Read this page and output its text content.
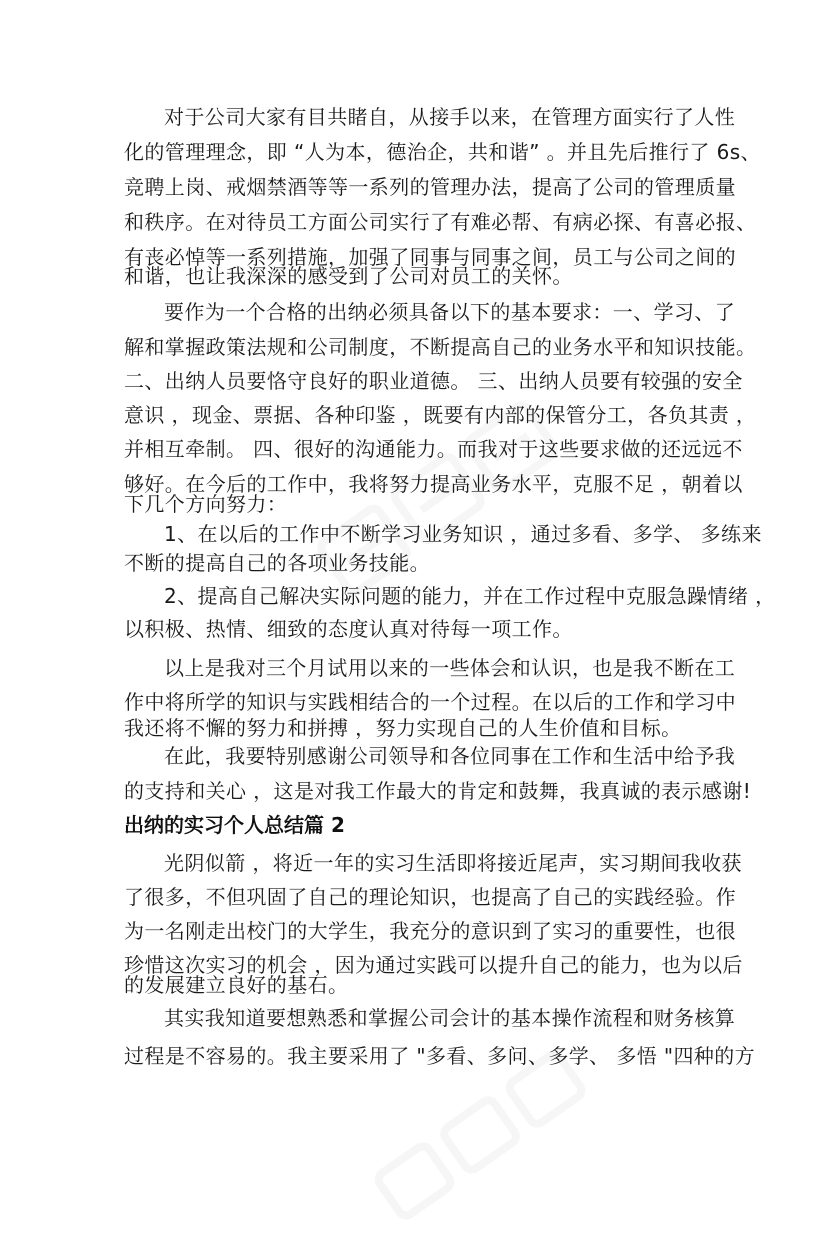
对于公司大家有目共睹自，从接手以来，在管理方面实行了人性
化的管理理念，即 “人为本，德治企，共和谐” 。并且先后推行了 6s、
竞聘上岗、戒烟禁酒等等一系列的管理办法，提高了公司的管理质量
和秩序。在对待员工方面公司实行了有难必帮、有病必探、有喜必报、
有丧必悼等一系列措施，加强了同事与同事之间，员工与公司之间的
和谐，也让我深深的感受到了公司对员工的关怀。
要作为一个合格的出纳必须具备以下的基本要求：一、学习、了
解和掌握政策法规和公司制度，不断提高自己的业务水平和知识技能。
二、出纳人员要恪守良好的职业道德。 三、出纳人员要有较强的安全
意识 ，现金、票据、各种印鉴 ，既要有内部的保管分工，各负其责 ，
并相互牵制。 四、很好的沟通能力。而我对于这些要求做的还远远不
够好。在今后的工作中，我将努力提高业务水平，克服不足 ，朝着以
下几个方向努力：
1、在以后的工作中不断学习业务知识 ，通过多看、多学、 多练来
不断的提高自己的各项业务技能。
2、提高自己解决实际问题的能力，并在工作过程中克服急躁情绪 ，
以积极、热情、细致的态度认真对待每一项工作。
以上是我对三个月试用以来的一些体会和认识，也是我不断在工
作中将所学的知识与实践相结合的一个过程。在以后的工作和学习中
我还将不懈的努力和拼搏 ，努力实现自己的人生价值和目标。
在此，我要特别感谢公司领导和各位同事在工作和生活中给予我
的支持和关心 ，这是对我工作最大的肯定和鼓舞，我真诚的表示感谢!
出纳的实习个人总结篇 2
光阴似箭 ，将近一年的实习生活即将接近尾声，实习期间我收获
了很多，不但巩固了自己的理论知识，也提高了自己的实践经验。作
为一名刚走出校门的大学生，我充分的意识到了实习的重要性，也很
珍惜这次实习的机会 ，因为通过实践可以提升自己的能力，也为以后
的发展建立良好的基石。
其实我知道要想熟悉和掌握公司会计的基本操作流程和财务核算
过程是不容易的。我主要采用了 "多看、多问、多学、 多悟 "四种的方
